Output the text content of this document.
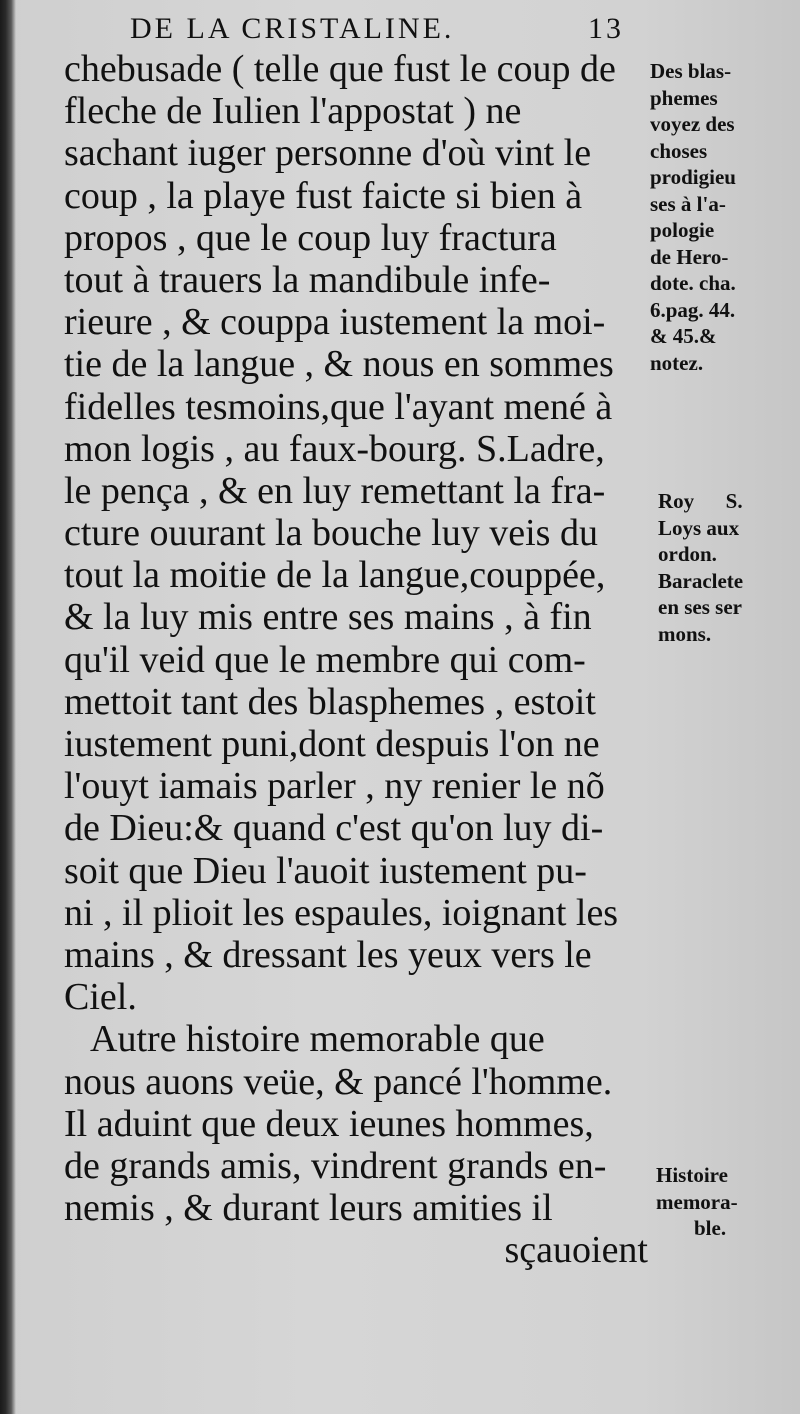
DE LA CRISTALINE.	13
chebusade ( telle que fust le coup de
fleche de Iulien l'appostat ) ne
sachant iuger personne d'où vint le
coup , la playe fust faicte si bien à
propos , que le coup luy fractura
tout à trauers la mandibule infe-
rieure , & couppa iustement la moi-
tie de la langue , & nous en sommes
fidelles tesmoins,que l'ayant mené à
mon logis , au faux-bourg. S.Ladre,
le pença , & en luy remettant la fra-
cture ouurant la bouche luy veis du
tout la moitie de la langue,couppée,
& la luy mis entre ses mains , à fin
qu'il veid que le membre qui com-
mettoit tant des blasphemes , estoit
iustement puni,dont despuis l'on ne
l'ouyt iamais parler , ny renier le nõ
de Dieu:& quand c'est qu'on luy di-
soit que Dieu l'auoit iustement pu-
ni , il plioit les espaules, ioignant les
mains , & dressant les yeux vers le
Ciel.
Autre histoire memorable que
nous auons veüe, & pancé l'homme.
Il aduint que deux ieunes hommes,
de grands amis, vindrent grands en-
nemis , & durant leurs amities il
sçauoient
Des blas-
phemes
voyez des
choses
prodigieu
ses à l'a-
pologie
de Hero-
dote. cha.
6.pag. 44.
& 45.&
notez.
Roy      S.
Loys aux
ordon.
Baraclete
en ses ser
mons.
Histoire
memora-
ble.
